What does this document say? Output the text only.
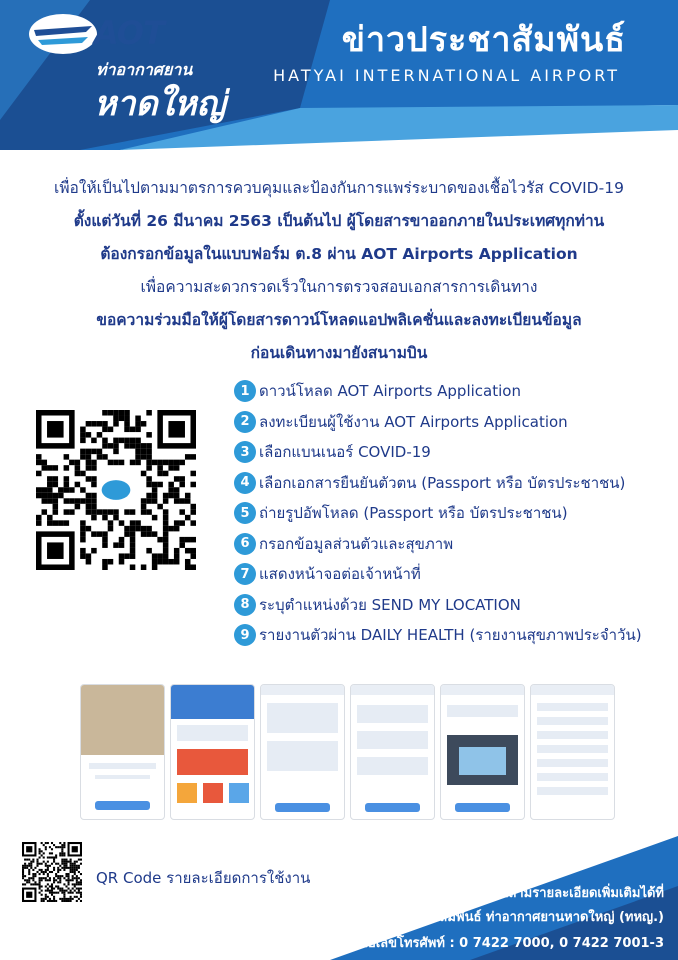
AOT
ท่าอากาศยาน
หาดใหญ่
ข่าวประชาสัมพันธ์
HATYAI INTERNATIONAL AIRPORT
เพื่อให้เป็นไปตามมาตรการควบคุมและป้องกันการแพร่ระบาดของเชื้อไวรัส COVID-19
ตั้งแต่วันที่ 26 มีนาคม 2563 เป็นต้นไป ผู้โดยสารขาออกภายในประเทศทุกท่าน
ต้องกรอกข้อมูลในแบบฟอร์ม ต.8 ผ่าน AOT Airports Application
เพื่อความสะดวกรวดเร็วในการตรวจสอบเอกสารการเดินทาง
ขอความร่วมมือให้ผู้โดยสารดาวน์โหลดแอปพลิเคชั่นและลงทะเบียนข้อมูล
ก่อนเดินทางมายังสนามบิน
1 ดาวน์โหลด AOT Airports Application
2 ลงทะเบียนผู้ใช้งาน AOT Airports Application
3 เลือกแบนเนอร์ COVID-19
4 เลือกเอกสารยืนยันตัวตน (Passport หรือ บัตรประชาชน)
5 ถ่ายรูปอัพโหลด (Passport หรือ บัตรประชาชน)
6 กรอกข้อมูลส่วนตัวและสุขภาพ
7 แสดงหน้าจอต่อเจ้าหน้าที่
8 ระบุตำแหน่งด้วย SEND MY LOCATION
9 รายงานตัวผ่าน DAILY HEALTH (รายงานสุขภาพประจำวัน)
สอบถามรายละเอียดเพิ่มเติมได้ที่
ประชาสัมพันธ์ ท่าอากาศยานหาดใหญ่ (ทหญ.)
หมายเลขโทรศัพท์ : 0 7422 7000, 0 7422 7001-3
QR Code รายละเอียดการใช้งาน
